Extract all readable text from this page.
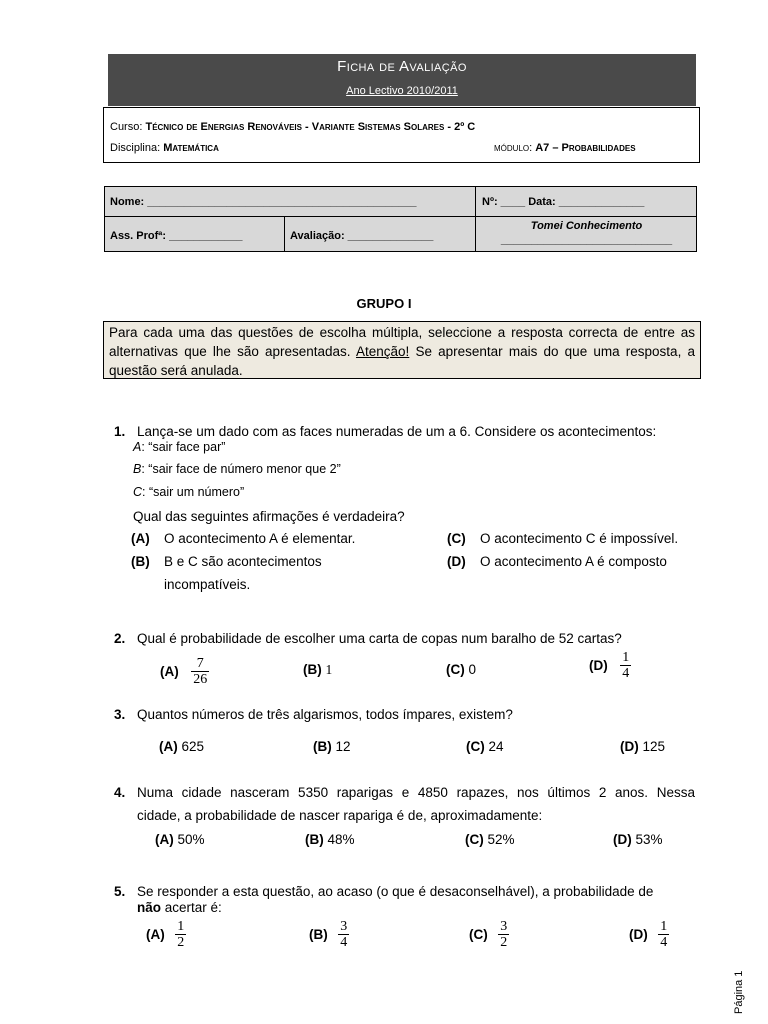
Ficha de Avaliação
Ano Lectivo 2010/2011
Curso: Técnico de Energias Renováveis - Variante Sistemas Solares - 2º C
Disciplina: Matemática	módulo: A7 – Probabilidades
Nome: ____________________________________________	Nº: ____ Data: ______________
Ass. Profª: ____________	Avaliação: ______________
Tomei Conhecimento
____________________________
GRUPO I
Para cada uma das questões de escolha múltipla, seleccione a resposta correcta de entre as alternativas que lhe são apresentadas. Atenção! Se apresentar mais do que uma resposta, a questão será anulada.
1. Lança-se um dado com as faces numeradas de um a 6. Considere os acontecimentos:
A: “sair face par”
B: “sair face de número menor que 2”
C: “sair um número”
Qual das seguintes afirmações é verdadeira?
(A) O acontecimento A é elementar.
(B) B e C são acontecimentos
incompatíveis.
(C) O acontecimento C é impossível.
(D) O acontecimento A é composto
2. Qual é probabilidade de escolher uma carta de copas num baralho de 52 cartas?
$(A) \frac{7}{26}$	(B) 1	(C) 0	$(D) \frac{1}{4}$
3. Quantos números de três algarismos, todos ímpares, existem?
(A) 625	(B) 12	(C) 24	(D) 125
4. Numa cidade nasceram 5350 raparigas e 4850 rapazes, nos últimos 2 anos. Nessa
cidade, a probabilidade de nascer rapariga é de, aproximadamente:
(A) 50%	(B) 48%	(C) 52%	(D) 53%
5. Se responder a esta questão, ao acaso (o que é desaconselhável), a probabilidade de
não acertar é:
$(A) \frac{1}{2}$	$(B) \frac{3}{4}$	$(C) \frac{3}{2}$	$(D) \frac{1}{4}$
Página 1
